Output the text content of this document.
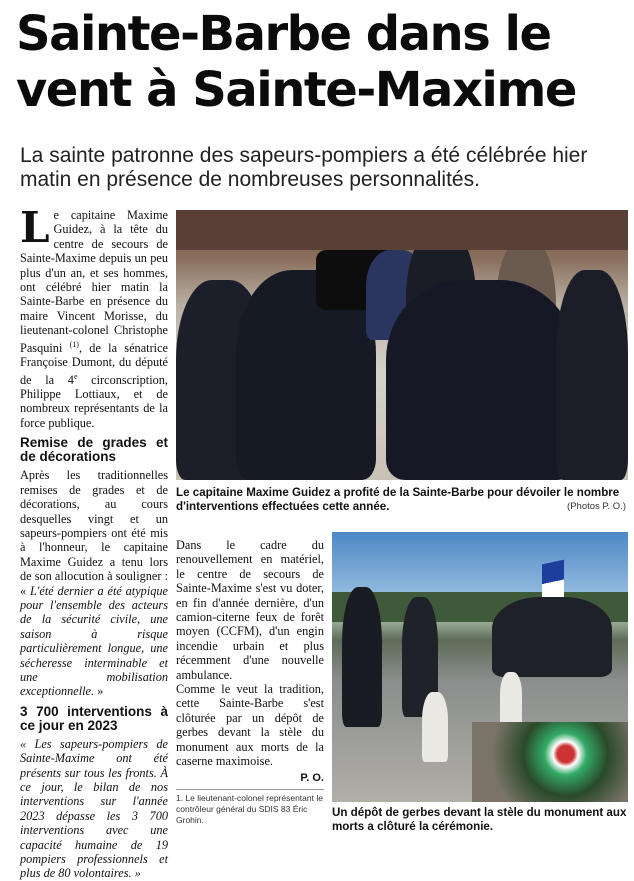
Sainte-Barbe dans le vent à Sainte-Maxime

La sainte patronne des sapeurs-pompiers a été célébrée hier matin en présence de nombreuses personnalités.

Le capitaine Maxime Guidez, à la tête du centre de secours de Sainte-Maxime depuis un peu plus d'un an, et ses hommes, ont célébré hier matin la Sainte-Barbe en présence du maire Vincent Morisse, du lieutenant-colonel Christophe Pasquini $^{(1)}$, de la sénatrice Françoise Dumont, du député de la 4e circonscription, Philippe Lottiaux, et de nombreux représentants de la force publique.

Remise de grades et de décorations

Après les traditionnelles remises de grades et de décorations, au cours desquelles vingt et un sapeurs-pompiers ont été mis à l'honneur, le capitaine Maxime Guidez a tenu lors de son allocution à souligner : « L'été dernier a été atypique pour l'ensemble des acteurs de la sécurité civile, une saison à risque particulièrement longue, une sécheresse interminable et une mobilisation exceptionnelle. »

3 700 interventions à ce jour en 2023

« Les sapeurs-pompiers de Sainte-Maxime ont été présents sur tous les fronts. À ce jour, le bilan de nos interventions sur l'année 2023 dépasse les 3 700 interventions avec une capacité humaine de 19 pompiers professionnels et plus de 80 volontaires. »

Dans le cadre du renouvellement en matériel, le centre de secours de Sainte-Maxime s'est vu doter, en fin d'année dernière, d'un camion-citerne feux de forêt moyen (CCFM), d'un engin incendie urbain et plus récemment d'une nouvelle ambulance.

Comme le veut la tradition, cette Sainte-Barbe s'est clôturée par un dépôt de gerbes devant la stèle du monument aux morts de la caserne maximoise.

P. O.
1. Le lieutenant-colonel représentant le contrôleur général du SDIS 83 Éric Grohin.
Le capitaine Maxime Guidez a profité de la Sainte-Barbe pour dévoiler le nombre d'interventions effectuées cette année.	(Photos P. O.)
Un dépôt de gerbes devant la stèle du monument aux morts a clôturé la cérémonie.
